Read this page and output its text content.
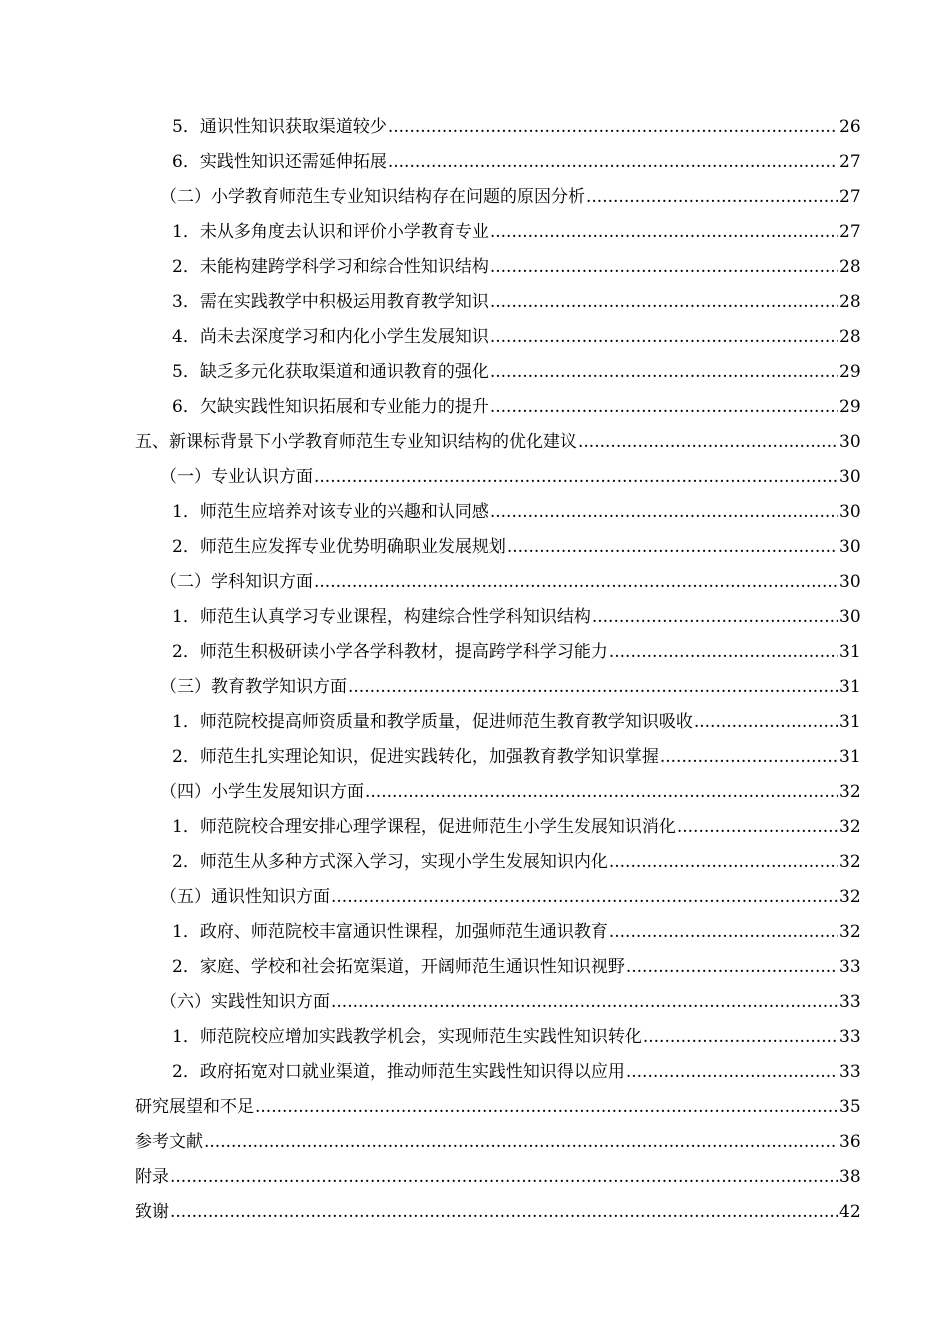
5．通识性知识获取渠道较少 .....	26
6．实践性知识还需延伸拓展 .....	27
（二）小学教育师范生专业知识结构存在问题的原因分析 .....	27
1．未从多角度去认识和评价小学教育专业 .....	27
2．未能构建跨学科学习和综合性知识结构 .....	28
3．需在实践教学中积极运用教育教学知识 .....	28
4．尚未去深度学习和内化小学生发展知识 .....	28
5．缺乏多元化获取渠道和通识教育的强化 .....	29
6．欠缺实践性知识拓展和专业能力的提升 .....	29
五、新课标背景下小学教育师范生专业知识结构的优化建议 .....	30
（一）专业认识方面 .....	30
1．师范生应培养对该专业的兴趣和认同感 .....	30
2．师范生应发挥专业优势明确职业发展规划 .....	30
（二）学科知识方面 .....	30
1．师范生认真学习专业课程，构建综合性学科知识结构 .....	30
2．师范生积极研读小学各学科教材，提高跨学科学习能力 .....	31
（三）教育教学知识方面 .....	31
1．师范院校提高师资质量和教学质量，促进师范生教育教学知识吸收 .....	31
2．师范生扎实理论知识，促进实践转化，加强教育教学知识掌握 .....	31
（四）小学生发展知识方面 .....	32
1．师范院校合理安排心理学课程，促进师范生小学生发展知识消化 .....	32
2．师范生从多种方式深入学习，实现小学生发展知识内化 .....	32
（五）通识性知识方面 .....	32
1．政府、师范院校丰富通识性课程，加强师范生通识教育 .....	32
2．家庭、学校和社会拓宽渠道，开阔师范生通识性知识视野 .....	33
（六）实践性知识方面 .....	33
1．师范院校应增加实践教学机会，实现师范生实践性知识转化 .....	33
2．政府拓宽对口就业渠道，推动师范生实践性知识得以应用 .....	33
研究展望和不足 .....	35
参考文献 .....	36
附录 .....	38
致谢 .....	42
